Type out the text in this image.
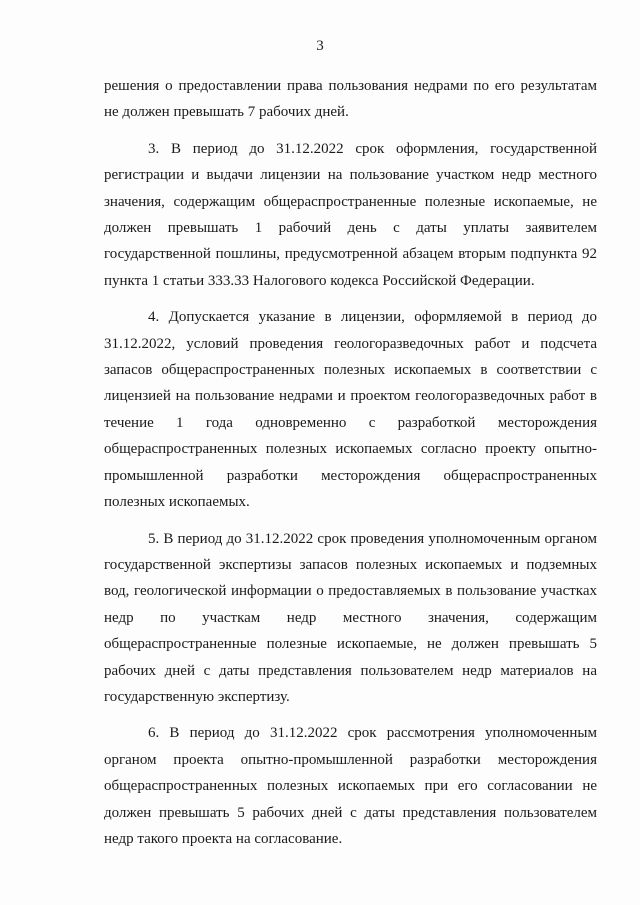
3

решения о предоставлении права пользования недрами по его результатам не должен превышать 7 рабочих дней.

3. В период до 31.12.2022 срок оформления, государственной регистрации и выдачи лицензии на пользование участком недр местного значения, содержащим общераспространенные полезные ископаемые, не должен превышать 1 рабочий день с даты уплаты заявителем государственной пошлины, предусмотренной абзацем вторым подпункта 92 пункта 1 статьи 333.33 Налогового кодекса Российской Федерации.

4. Допускается указание в лицензии, оформляемой в период до 31.12.2022, условий проведения геологоразведочных работ и подсчета запасов общераспространенных полезных ископаемых в соответствии с лицензией на пользование недрами и проектом геологоразведочных работ в течение 1 года одновременно с разработкой месторождения общераспространенных полезных ископаемых согласно проекту опытно-промышленной разработки месторождения общераспространенных полезных ископаемых.

5. В период до 31.12.2022 срок проведения уполномоченным органом государственной экспертизы запасов полезных ископаемых и подземных вод, геологической информации о предоставляемых в пользование участках недр по участкам недр местного значения, содержащим общераспространенные полезные ископаемые, не должен превышать 5 рабочих дней с даты представления пользователем недр материалов на государственную экспертизу.

6. В период до 31.12.2022 срок рассмотрения уполномоченным органом проекта опытно-промышленной разработки месторождения общераспространенных полезных ископаемых при его согласовании не должен превышать 5 рабочих дней с даты представления пользователем недр такого проекта на согласование.
